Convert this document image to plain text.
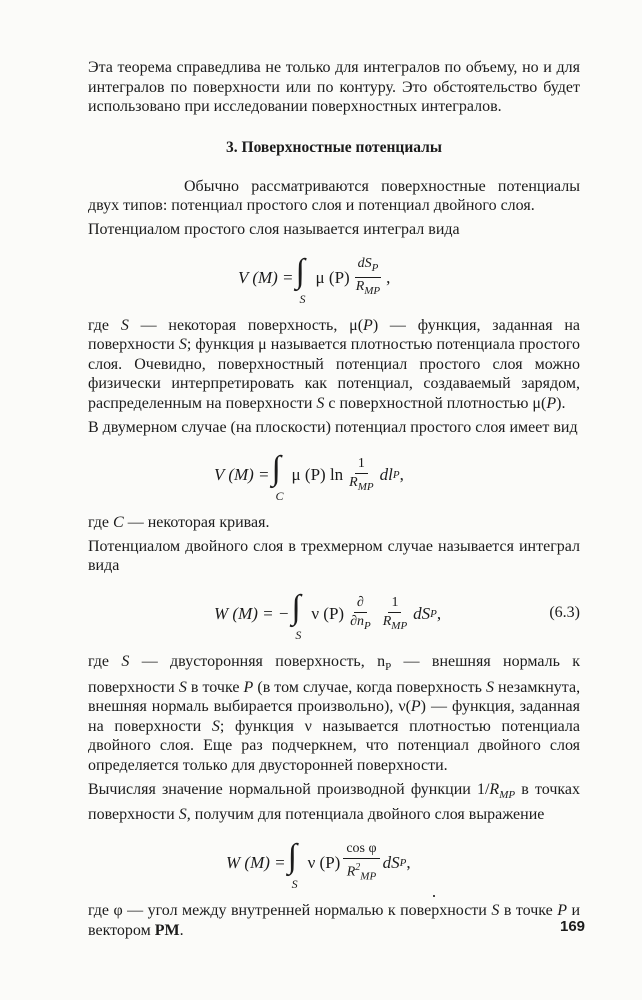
Эта теорема справедлива не только для интегралов по объему, но и для интегралов по поверхности или по контуру. Это обстоятельство будет использовано при исследовании поверхностных интегралов.

3. Поверхностные потенциалы

Обычно рассматриваются поверхностные потенциалы двух типов: потенциал простого слоя и потенциал двойного слоя.

Потенциалом простого слоя называется интеграл вида

V (M) = ∫
S
μ $(P) \frac{dS_P}{R_{MP}}$ ,

где S — некоторая поверхность, μ(P) — функция, заданная на поверхности S; функция μ называется плотностью потенциала простого слоя. Очевидно, поверхностный потенциал простого слоя можно физически интерпретировать как потенциал, создаваемый зарядом, распределенным на поверхности S с поверхностной плотностью μ(P).

В двумерном случае (на плоскости) потенциал простого слоя имеет вид

V (M) = ∫
C
μ (P) $\ln \frac{1}{R_{MP}}$ dl P ,

где C — некоторая кривая.

Потенциалом двойного слоя в трехмерном случае называется интеграл вида

W (M) = − ∫
S
ν $(P) \frac{\partial}{\partial n_P} \frac{1}{R_{MP}}$ dS P ,	(6.3)

где S — двусторонняя поверхность, $n_P$ — внешняя нормаль к поверхности S в точке P (в том случае, когда поверхность S незамкнута, внешняя нормаль выбирается произвольно), ν(P) — функция, заданная на поверхности S; функция ν называется плотностью потенциала двойного слоя. Еще раз подчеркнем, что потенциал двойного слоя определяется только для двусторонней поверхности.

Вычисляя значение нормальной производной функции $1/R_{MP}$ в точках поверхности S, получим для потенциала двойного слоя выражение

W (M) = ∫
S
ν $(P) \frac{\text{cos φ}}{R^2_{MP}}$ dS P ,

где φ — угол между внутренней нормалью к поверхности S в точке P и вектором PM.	169
